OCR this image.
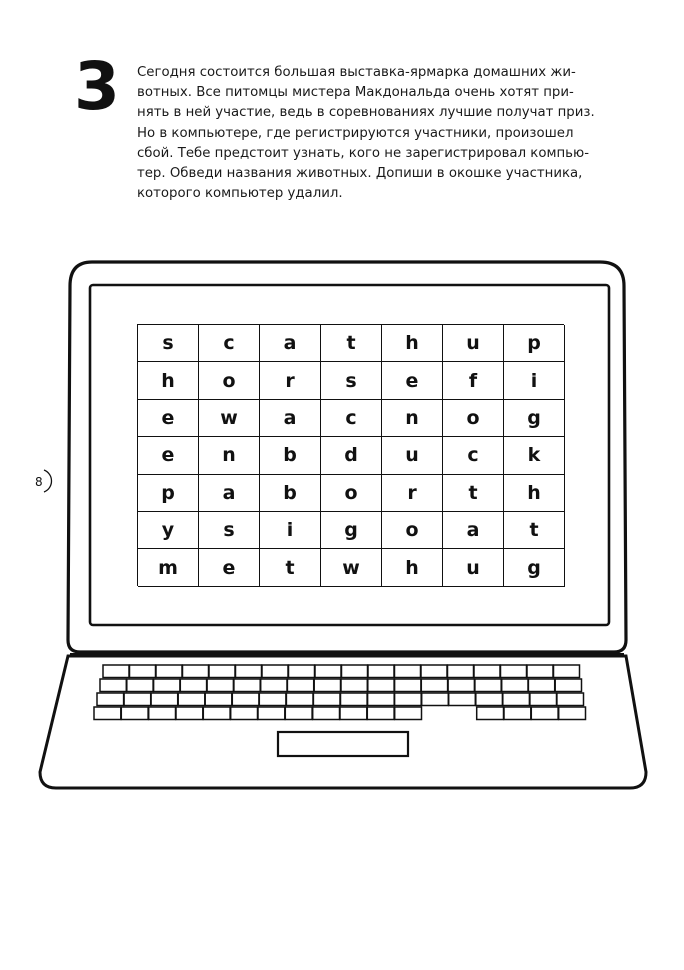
3 Сегодня состоится большая выставка-ярмарка домашних жи-
вотных. Все питомцы мистера Макдональда очень хотят при-
нять в ней участие, ведь в соревнованиях лучшие получат приз.
Но в компьютере, где регистрируются участники, произошел
сбой. Тебе предстоит узнать, кого не зарегистрировал компью-
тер. Обведи названия животных. Допиши в окошке участника,
которого компьютер удалил.
8
s	c	a	t	h	u	p
h	o	r	s	e	f	i
e	w	a	c	n	o	g
e	n	b	d	u	c	k
p	a	b	o	r	t	h
y	s	i	g	o	a	t
m	e	t	w	h	u	g
